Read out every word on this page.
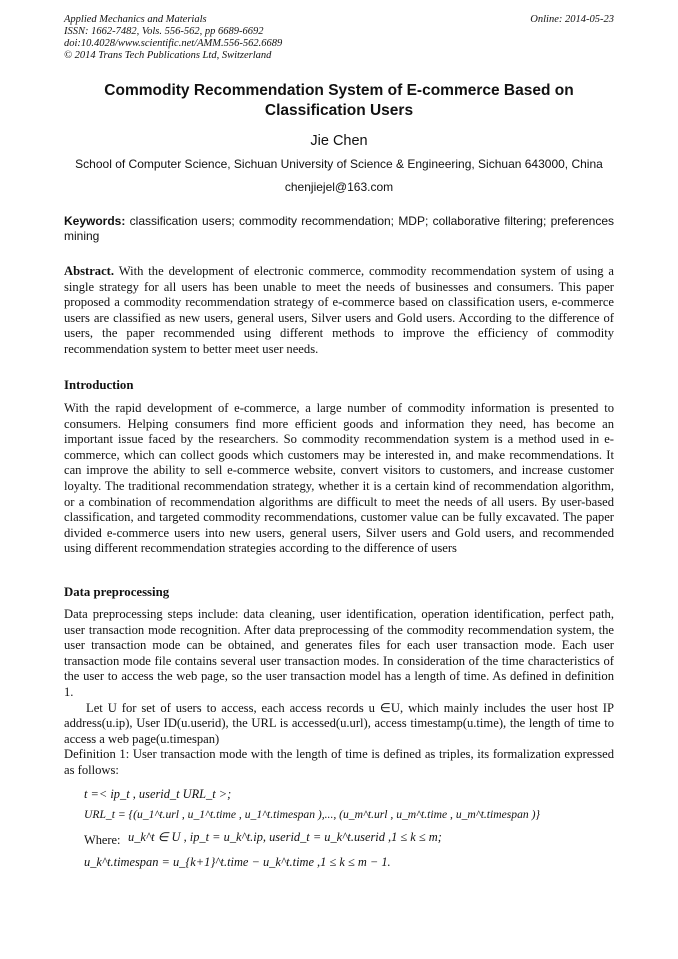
Applied Mechanics and Materials
ISSN: 1662-7482, Vols. 556-562, pp 6689-6692
doi:10.4028/www.scientific.net/AMM.556-562.6689
© 2014 Trans Tech Publications Ltd, Switzerland
Online: 2014-05-23
Commodity Recommendation System of E-commerce Based on Classification Users
Jie Chen
School of Computer Science, Sichuan University of Science & Engineering, Sichuan 643000, China
chenjiejel@163.com
Keywords: classification users; commodity recommendation; MDP; collaborative filtering; preferences mining
Abstract. With the development of electronic commerce, commodity recommendation system of using a single strategy for all users has been unable to meet the needs of businesses and consumers. This paper proposed a commodity recommendation strategy of e-commerce based on classification users, e-commerce users are classified as new users, general users, Silver users and Gold users. According to the difference of users, the paper recommended using different methods to improve the efficiency of commodity recommendation system to better meet user needs.
Introduction
With the rapid development of e-commerce, a large number of commodity information is presented to consumers. Helping consumers find more efficient goods and information they need, has become an important issue faced by the researchers. So commodity recommendation system is a method used in e-commerce, which can collect goods which customers may be interested in, and make recommendations. It can improve the ability to sell e-commerce website, convert visitors to customers, and increase customer loyalty. The traditional recommendation strategy, whether it is a certain kind of recommendation algorithm, or a combination of recommendation algorithms are difficult to meet the needs of all users. By user-based classification, and targeted commodity recommendations, customer value can be fully excavated. The paper divided e-commerce users into new users, general users, Silver users and Gold users, and recommended using different recommendation strategies according to the difference of users
Data preprocessing

Data preprocessing steps include: data cleaning, user identification, operation identification, perfect path, user transaction mode recognition. After data preprocessing of the commodity recommendation system, the user transaction mode can be obtained, and generates files for each user transaction mode. Each user transaction mode file contains several user transaction modes. In consideration of the time characteristics of the user to access the web page, so the user transaction model has a length of time. As defined in definition 1.

Let U for set of users to access, each access records u ∈U, which mainly includes the user host IP address(u.ip), User ID(u.userid), the URL is accessed(u.url), access timestamp(u.time), the length of time to access a web page(u.timespan)

Definition 1: User transaction mode with the length of time is defined as triples, its formalization expressed as follows:

t =< ip_t , userid_t URL_t >;
URL_t = {(u_1^t.url , u_1^t.time , u_1^t.timespan ),..., (u_m^t.url , u_m^t.time , u_m^t.timespan )}
Where: u_k^t ∈ U , ip_t = u_k^t.ip, userid_t = u_k^t.userid ,1 ≤ k ≤ m;
u_k^t.timespan = u_{k+1}^t.time − u_k^t.time ,1 ≤ k ≤ m − 1.
